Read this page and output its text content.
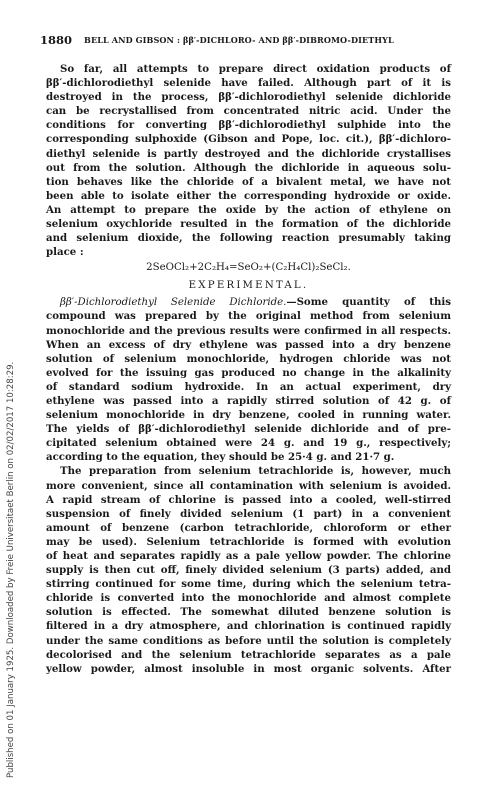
Published on 01 January 1925. Downloaded by Freie Universitaet Berlin on 02/02/2017 10:28:29.
1880 BELL AND GIBSON : ββ′-DICHLORO- AND ββ′-DIBROMO-DIETHYL
So far, all attempts to prepare direct oxidation products of
ββ′-dichlorodiethyl selenide have failed. Although part of it is
destroyed in the process, ββ′-dichlorodiethyl selenide dichloride
can be recrystallised from concentrated nitric acid. Under the
conditions for converting ββ′-dichlorodiethyl sulphide into the
corresponding sulphoxide (Gibson and Pope, loc. cit.), ββ′-dichloro-
diethyl selenide is partly destroyed and the dichloride crystallises
out from the solution. Although the dichloride in aqueous solu-
tion behaves like the chloride of a bivalent metal, we have not
been able to isolate either the corresponding hydroxide or oxide.
An attempt to prepare the oxide by the action of ethylene on
selenium oxychloride resulted in the formation of the dichloride
and selenium dioxide, the following reaction presumably taking
place :
2SeOCl₂+2C₂H₄=SeO₂+(C₂H₄Cl)₂SeCl₂.
EXPERIMENTAL.
ββ′-Dichlorodiethyl Selenide Dichloride.—Some quantity of this
compound was prepared by the original method from selenium
monochloride and the previous results were confirmed in all respects.
When an excess of dry ethylene was passed into a dry benzene
solution of selenium monochloride, hydrogen chloride was not
evolved for the issuing gas produced no change in the alkalinity
of standard sodium hydroxide. In an actual experiment, dry
ethylene was passed into a rapidly stirred solution of 42 g. of
selenium monochloride in dry benzene, cooled in running water.
The yields of ββ′-dichlorodiethyl selenide dichloride and of pre-
cipitated selenium obtained were 24 g. and 19 g., respectively;
according to the equation, they should be 25·4 g. and 21·7 g.
The preparation from selenium tetrachloride is, however, much
more convenient, since all contamination with selenium is avoided.
A rapid stream of chlorine is passed into a cooled, well-stirred
suspension of finely divided selenium (1 part) in a convenient
amount of benzene (carbon tetrachloride, chloroform or ether
may be used). Selenium tetrachloride is formed with evolution
of heat and separates rapidly as a pale yellow powder. The chlorine
supply is then cut off, finely divided selenium (3 parts) added, and
stirring continued for some time, during which the selenium tetra-
chloride is converted into the monochloride and almost complete
solution is effected. The somewhat diluted benzene solution is
filtered in a dry atmosphere, and chlorination is continued rapidly
under the same conditions as before until the solution is completely
decolorised and the selenium tetrachloride separates as a pale
yellow powder, almost insoluble in most organic solvents. After
